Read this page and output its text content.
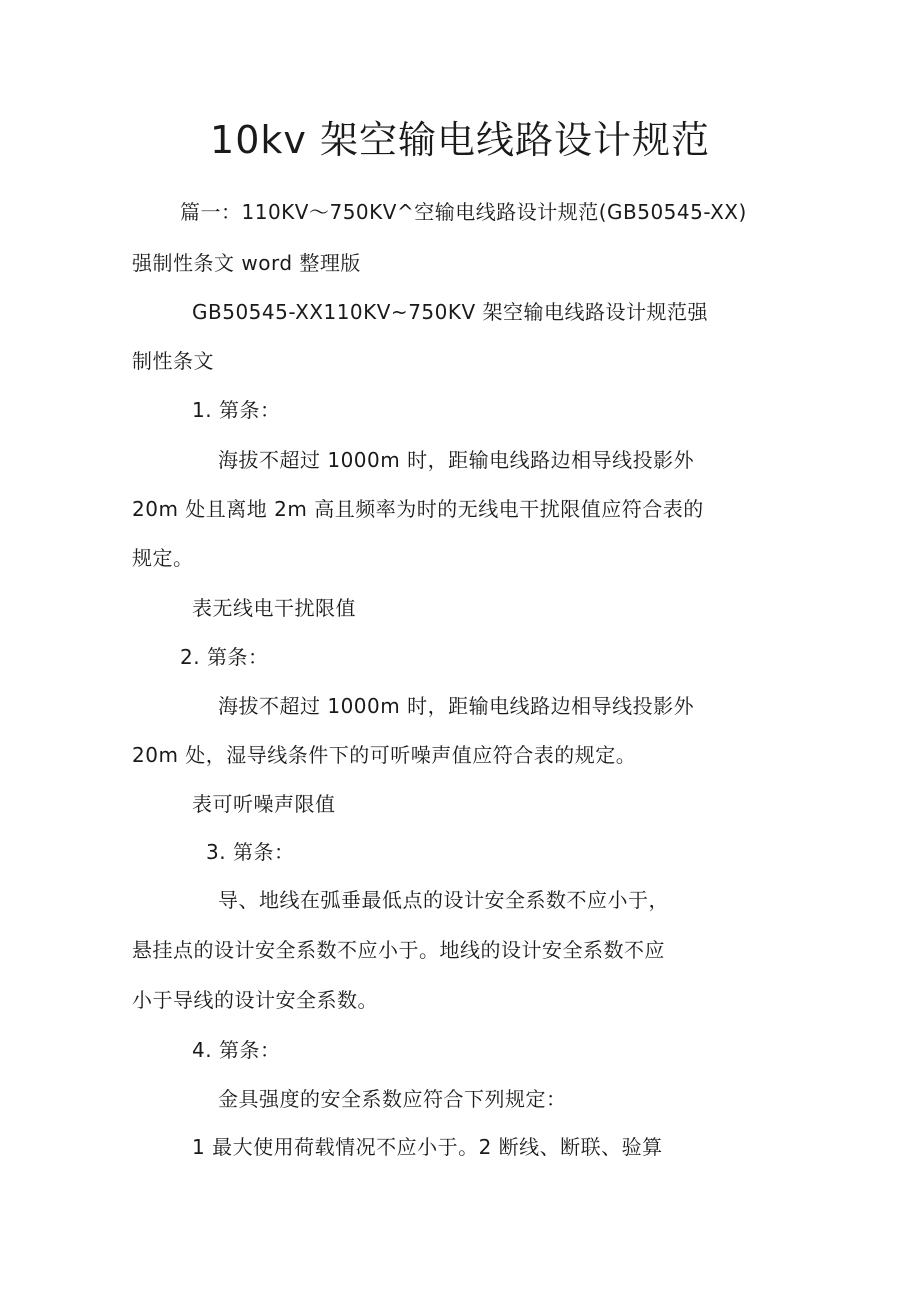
10kv 架空输电线路设计规范
篇一：110KV～750KV^空输电线路设计规范(GB50545-XX)
强制性条文 word 整理版
GB50545-XX110KV~750KV 架空输电线路设计规范强
制性条文
1. 第条：
海拔不超过 1000m 时，距输电线路边相导线投影外
20m 处且离地 2m 高且频率为时的无线电干扰限值应符合表的
规定。
表无线电干扰限值
2. 第条：
海拔不超过 1000m 时，距输电线路边相导线投影外
20m 处，湿导线条件下的可听噪声值应符合表的规定。
表可听噪声限值
3. 第条：
导、地线在弧垂最低点的设计安全系数不应小于，
悬挂点的设计安全系数不应小于。地线的设计安全系数不应
小于导线的设计安全系数。
4. 第条：
金具强度的安全系数应符合下列规定：
1 最大使用荷载情况不应小于。2 断线、断联、验算
